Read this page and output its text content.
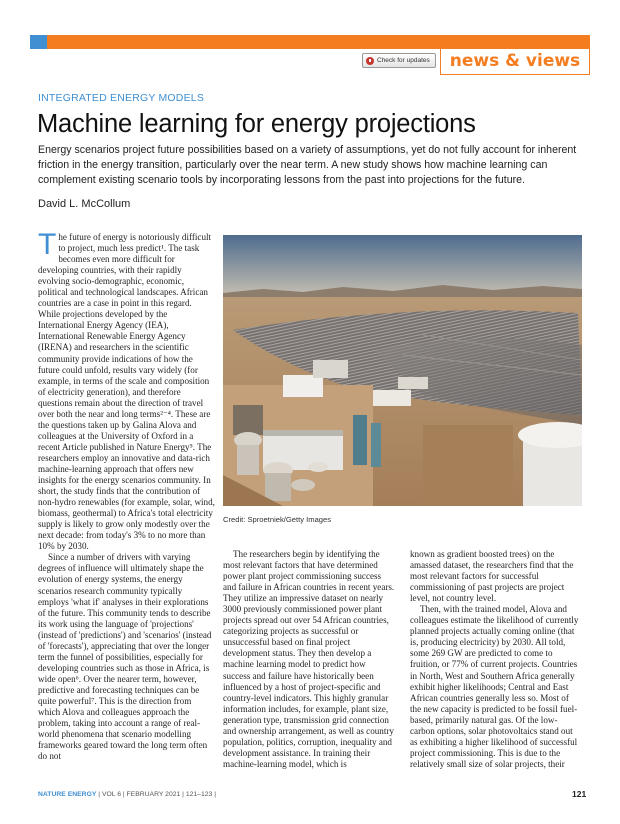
Check for updates	news & views
INTEGRATED ENERGY MODELS
Machine learning for energy projections
Energy scenarios project future possibilities based on a variety of assumptions, yet do not fully account for inherent friction in the energy transition, particularly over the near term. A new study shows how machine learning can complement existing scenario tools by incorporating lessons from the past into projections for the future.
David L. McCollum

The future of energy is notoriously difficult to project, much less predict¹. The task becomes even more difficult for developing countries, with their rapidly evolving socio-demographic, economic, political and technological landscapes. African countries are a case in point in this regard. While projections developed by the International Energy Agency (IEA), International Renewable Energy Agency (IRENA) and researchers in the scientific community provide indications of how the future could unfold, results vary widely (for example, in terms of the scale and composition of electricity generation), and therefore questions remain about the direction of travel over both the near and long terms²⁻⁴. These are the questions taken up by Galina Alova and colleagues at the University of Oxford in a recent Article published in Nature Energy⁵. The researchers employ an innovative and data-rich machine-learning approach that offers new insights for the energy scenarios community. In short, the study finds that the contribution of non-hydro renewables (for example, solar, wind, biomass, geothermal) to Africa's total electricity supply is likely to grow only modestly over the next decade: from today's 3% to no more than 10% by 2030.

Since a number of drivers with varying degrees of influence will ultimately shape the evolution of energy systems, the energy scenarios research community typically employs 'what if' analyses in their explorations of the future. This community tends to describe its work using the language of 'projections' (instead of 'predictions') and 'scenarios' (instead of 'forecasts'), appreciating that over the longer term the funnel of possibilities, especially for developing countries such as those in Africa, is wide open⁶. Over the nearer term, however, predictive and forecasting techniques can be quite powerful⁷. This is the direction from which Alova and colleagues approach the problem, taking into account a range of real-world phenomena that scenario modelling frameworks geared toward the long term often do not

Credit: Sproetniek/Getty Images

The researchers begin by identifying the most relevant factors that have determined power plant project commissioning success and failure in African countries in recent years. They utilize an impressive dataset on nearly 3000 previously commissioned power plant projects spread out over 54 African countries, categorizing projects as successful or unsuccessful based on final project development status. They then develop a machine learning model to predict how success and failure have historically been influenced by a host of project-specific and country-level indicators. This highly granular information includes, for example, plant size, generation type, transmission grid connection and ownership arrangement, as well as country population, politics, corruption, inequality and development assistance. In training their machine-learning model, which is

known as gradient boosted trees) on the amassed dataset, the researchers find that the most relevant factors for successful commissioning of past projects are project level, not country level.

Then, with the trained model, Alova and colleagues estimate the likelihood of currently planned projects actually coming online (that is, producing electricity) by 2030. All told, some 269 GW are predicted to come to fruition, or 77% of current projects. Countries in North, West and Southern Africa generally exhibit higher likelihoods; Central and East African countries generally less so. Most of the new capacity is predicted to be fossil fuel-based, primarily natural gas. Of the low-carbon options, solar photovoltaics stand out as exhibiting a higher likelihood of successful project commissioning. This is due to the relatively small size of solar projects, their

NATURE ENERGY | VOL 6 | FEBRUARY 2021 | 121–123 |	121
